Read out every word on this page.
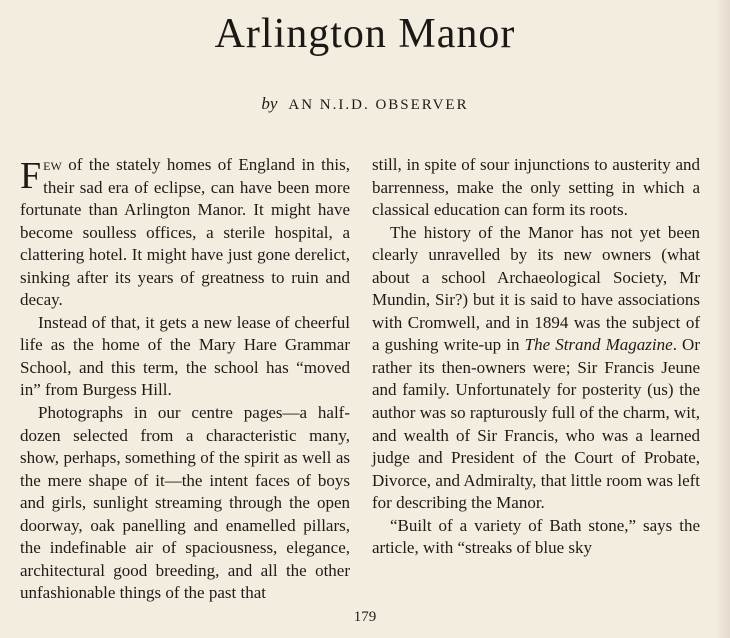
Arlington Manor
by AN N.I.D. OBSERVER

Few of the stately homes of England in this, their sad era of eclipse, can have been more fortunate than Arlington Manor. It might have become soulless offices, a sterile hospital, a clattering hotel. It might have just gone derelict, sinking after its years of greatness to ruin and decay.

Instead of that, it gets a new lease of cheerful life as the home of the Mary Hare Grammar School, and this term, the school has “moved in” from Burgess Hill.

Photographs in our centre pages—a half-dozen selected from a characteristic many, show, perhaps, something of the spirit as well as the mere shape of it—the intent faces of boys and girls, sunlight streaming through the open doorway, oak panelling and enamelled pillars, the indefinable air of spaciousness, elegance, architectural good breeding, and all the other unfashionable things of the past that

still, in spite of sour injunctions to austerity and barrenness, make the only setting in which a classical education can form its roots.

The history of the Manor has not yet been clearly unravelled by its new owners (what about a school Archaeological Society, Mr Mundin, Sir?) but it is said to have associations with Cromwell, and in 1894 was the subject of a gushing write-up in The Strand Magazine. Or rather its then-owners were; Sir Francis Jeune and family. Unfortunately for posterity (us) the author was so rapturously full of the charm, wit, and wealth of Sir Francis, who was a learned judge and President of the Court of Probate, Divorce, and Admiralty, that little room was left for describing the Manor.

“Built of a variety of Bath stone,” says the article, with “streaks of blue sky

179
